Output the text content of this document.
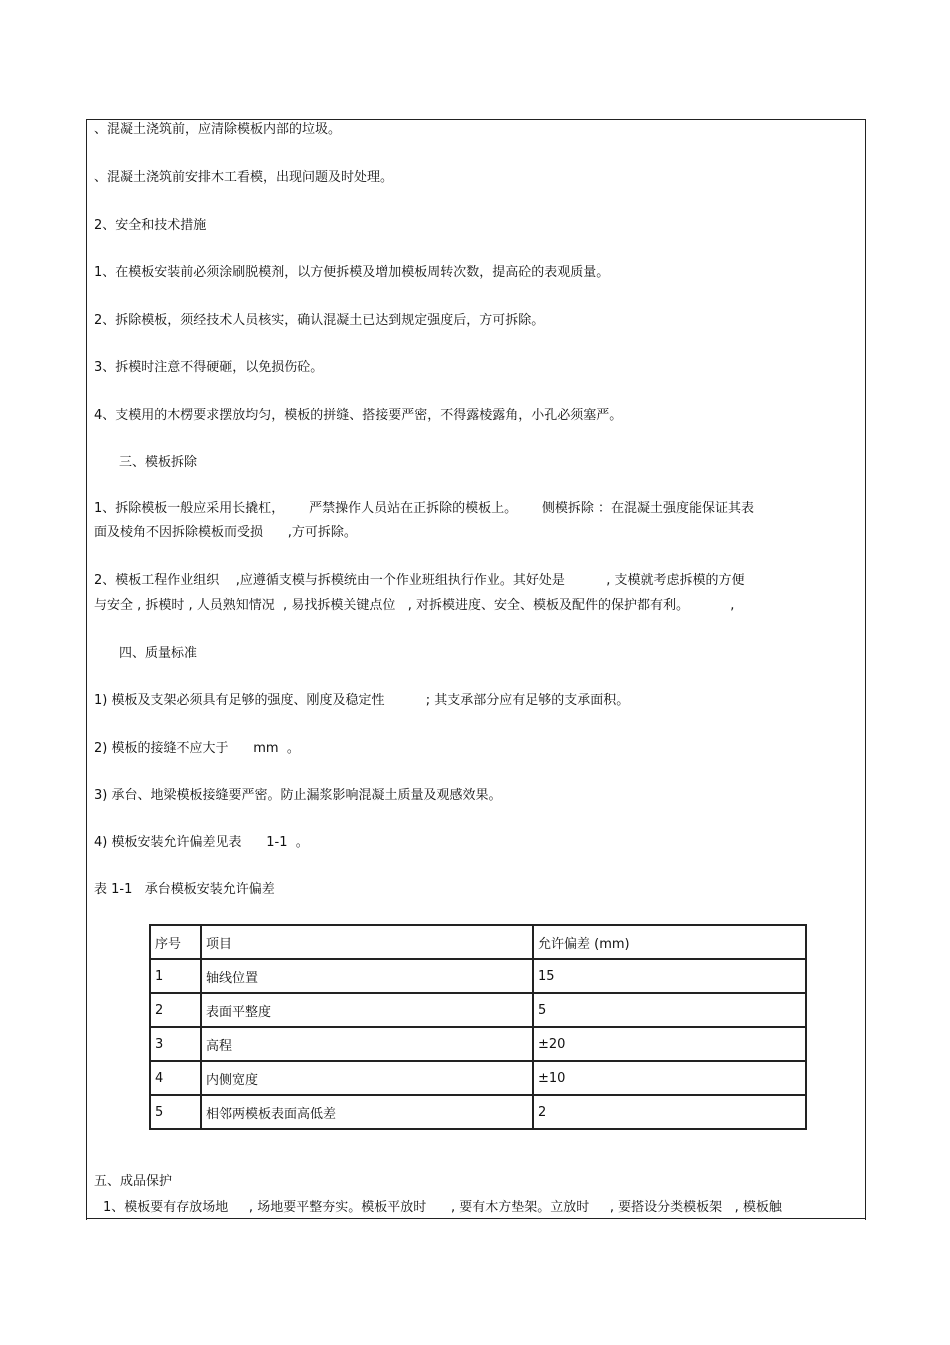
、混凝土浇筑前，应清除模板内部的垃圾。
、混凝土浇筑前安排木工看模，出现问题及时处理。
2、安全和技术措施
1、在模板安装前必须涂刷脱模剂，以方便拆模及增加模板周转次数，提高砼的表观质量。
2、拆除模板，须经技术人员核实，确认混凝土已达到规定强度后，方可拆除。
3、拆模时注意不得硬砸，以免损伤砼。
4、支模用的木楞要求摆放均匀，模板的拼缝、搭接要严密，不得露棱露角，小孔必须塞严。
三、模板拆除
1、拆除模板一般应采用长撬杠，      严禁操作人员站在正拆除的模板上。      侧模拆除 ：在混凝土强度能保证其表
面及棱角不因拆除模板而受损      ,方可拆除。
2、模板工程作业组织    ,应遵循支模与拆模统由一个作业班组执行作业。其好处是          , 支模就考虑拆模的方便
与安全 , 拆模时 , 人员熟知情况  , 易找拆模关键点位   , 对拆模进度、安全、模板及配件的保护都有利。          ,
四、质量标准
1) 模板及支架必须具有足够的强度、刚度及稳定性          ; 其支承部分应有足够的支承面积。
2) 模板的接缝不应大于      mm  。
3) 承台、地梁模板接缝要严密。防止漏浆影响混凝土质量及观感效果。
4) 模板安装允许偏差见表      1-1  。
表 1-1   承台模板安装允许偏差
序号	项目	允许偏差 (mm)
1	轴线位置	15
2	表面平整度	5
3	高程	±20
4	内侧宽度	±10
5	相邻两模板表面高低差	2
五、成品保护
1、模板要有存放场地     , 场地要平整夯实。模板平放时      , 要有木方垫架。立放时     , 要搭设分类模板架   , 模板触
